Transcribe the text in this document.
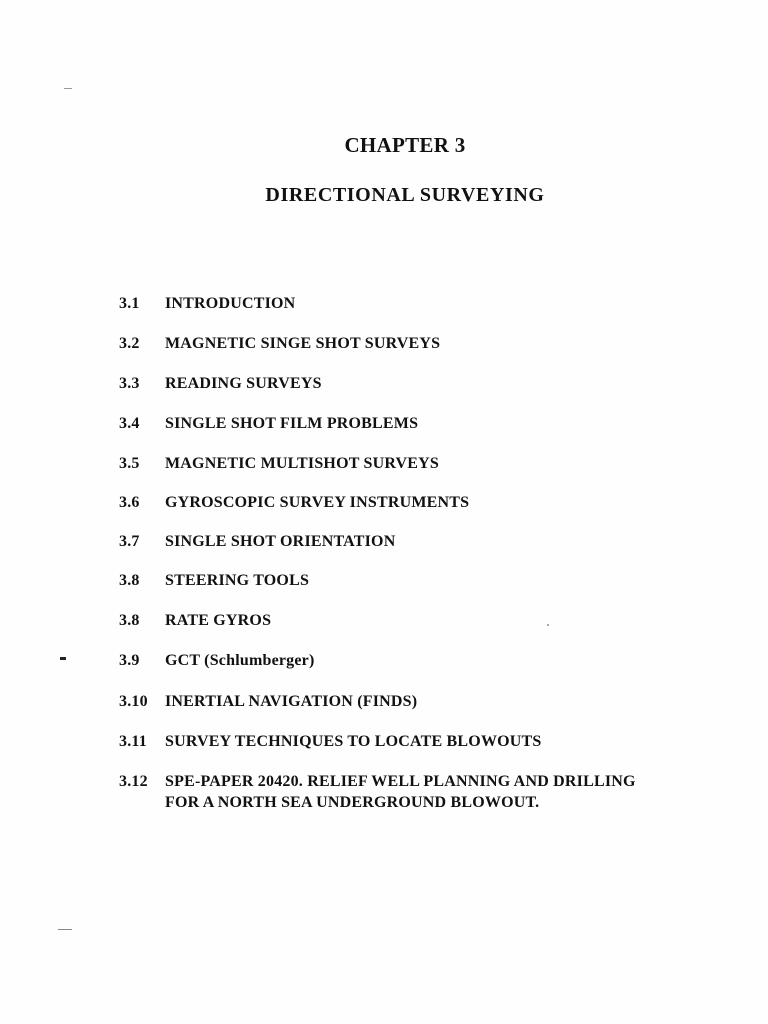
CHAPTER 3
DIRECTIONAL SURVEYING
3.1	INTRODUCTION
3.2	MAGNETIC SINGE SHOT SURVEYS
3.3	READING SURVEYS
3.4	SINGLE SHOT FILM PROBLEMS
3.5	MAGNETIC MULTISHOT SURVEYS
3.6	GYROSCOPIC SURVEY INSTRUMENTS
3.7	SINGLE SHOT ORIENTATION
3.8	STEERING TOOLS
3.8	RATE GYROS
3.9	GCT (Schlumberger)
3.10	INERTIAL NAVIGATION (FINDS)
3.11	SURVEY TECHNIQUES TO LOCATE BLOWOUTS
3.12	SPE-PAPER 20420. RELIEF WELL PLANNING AND DRILLING
FOR A NORTH SEA UNDERGROUND BLOWOUT.
